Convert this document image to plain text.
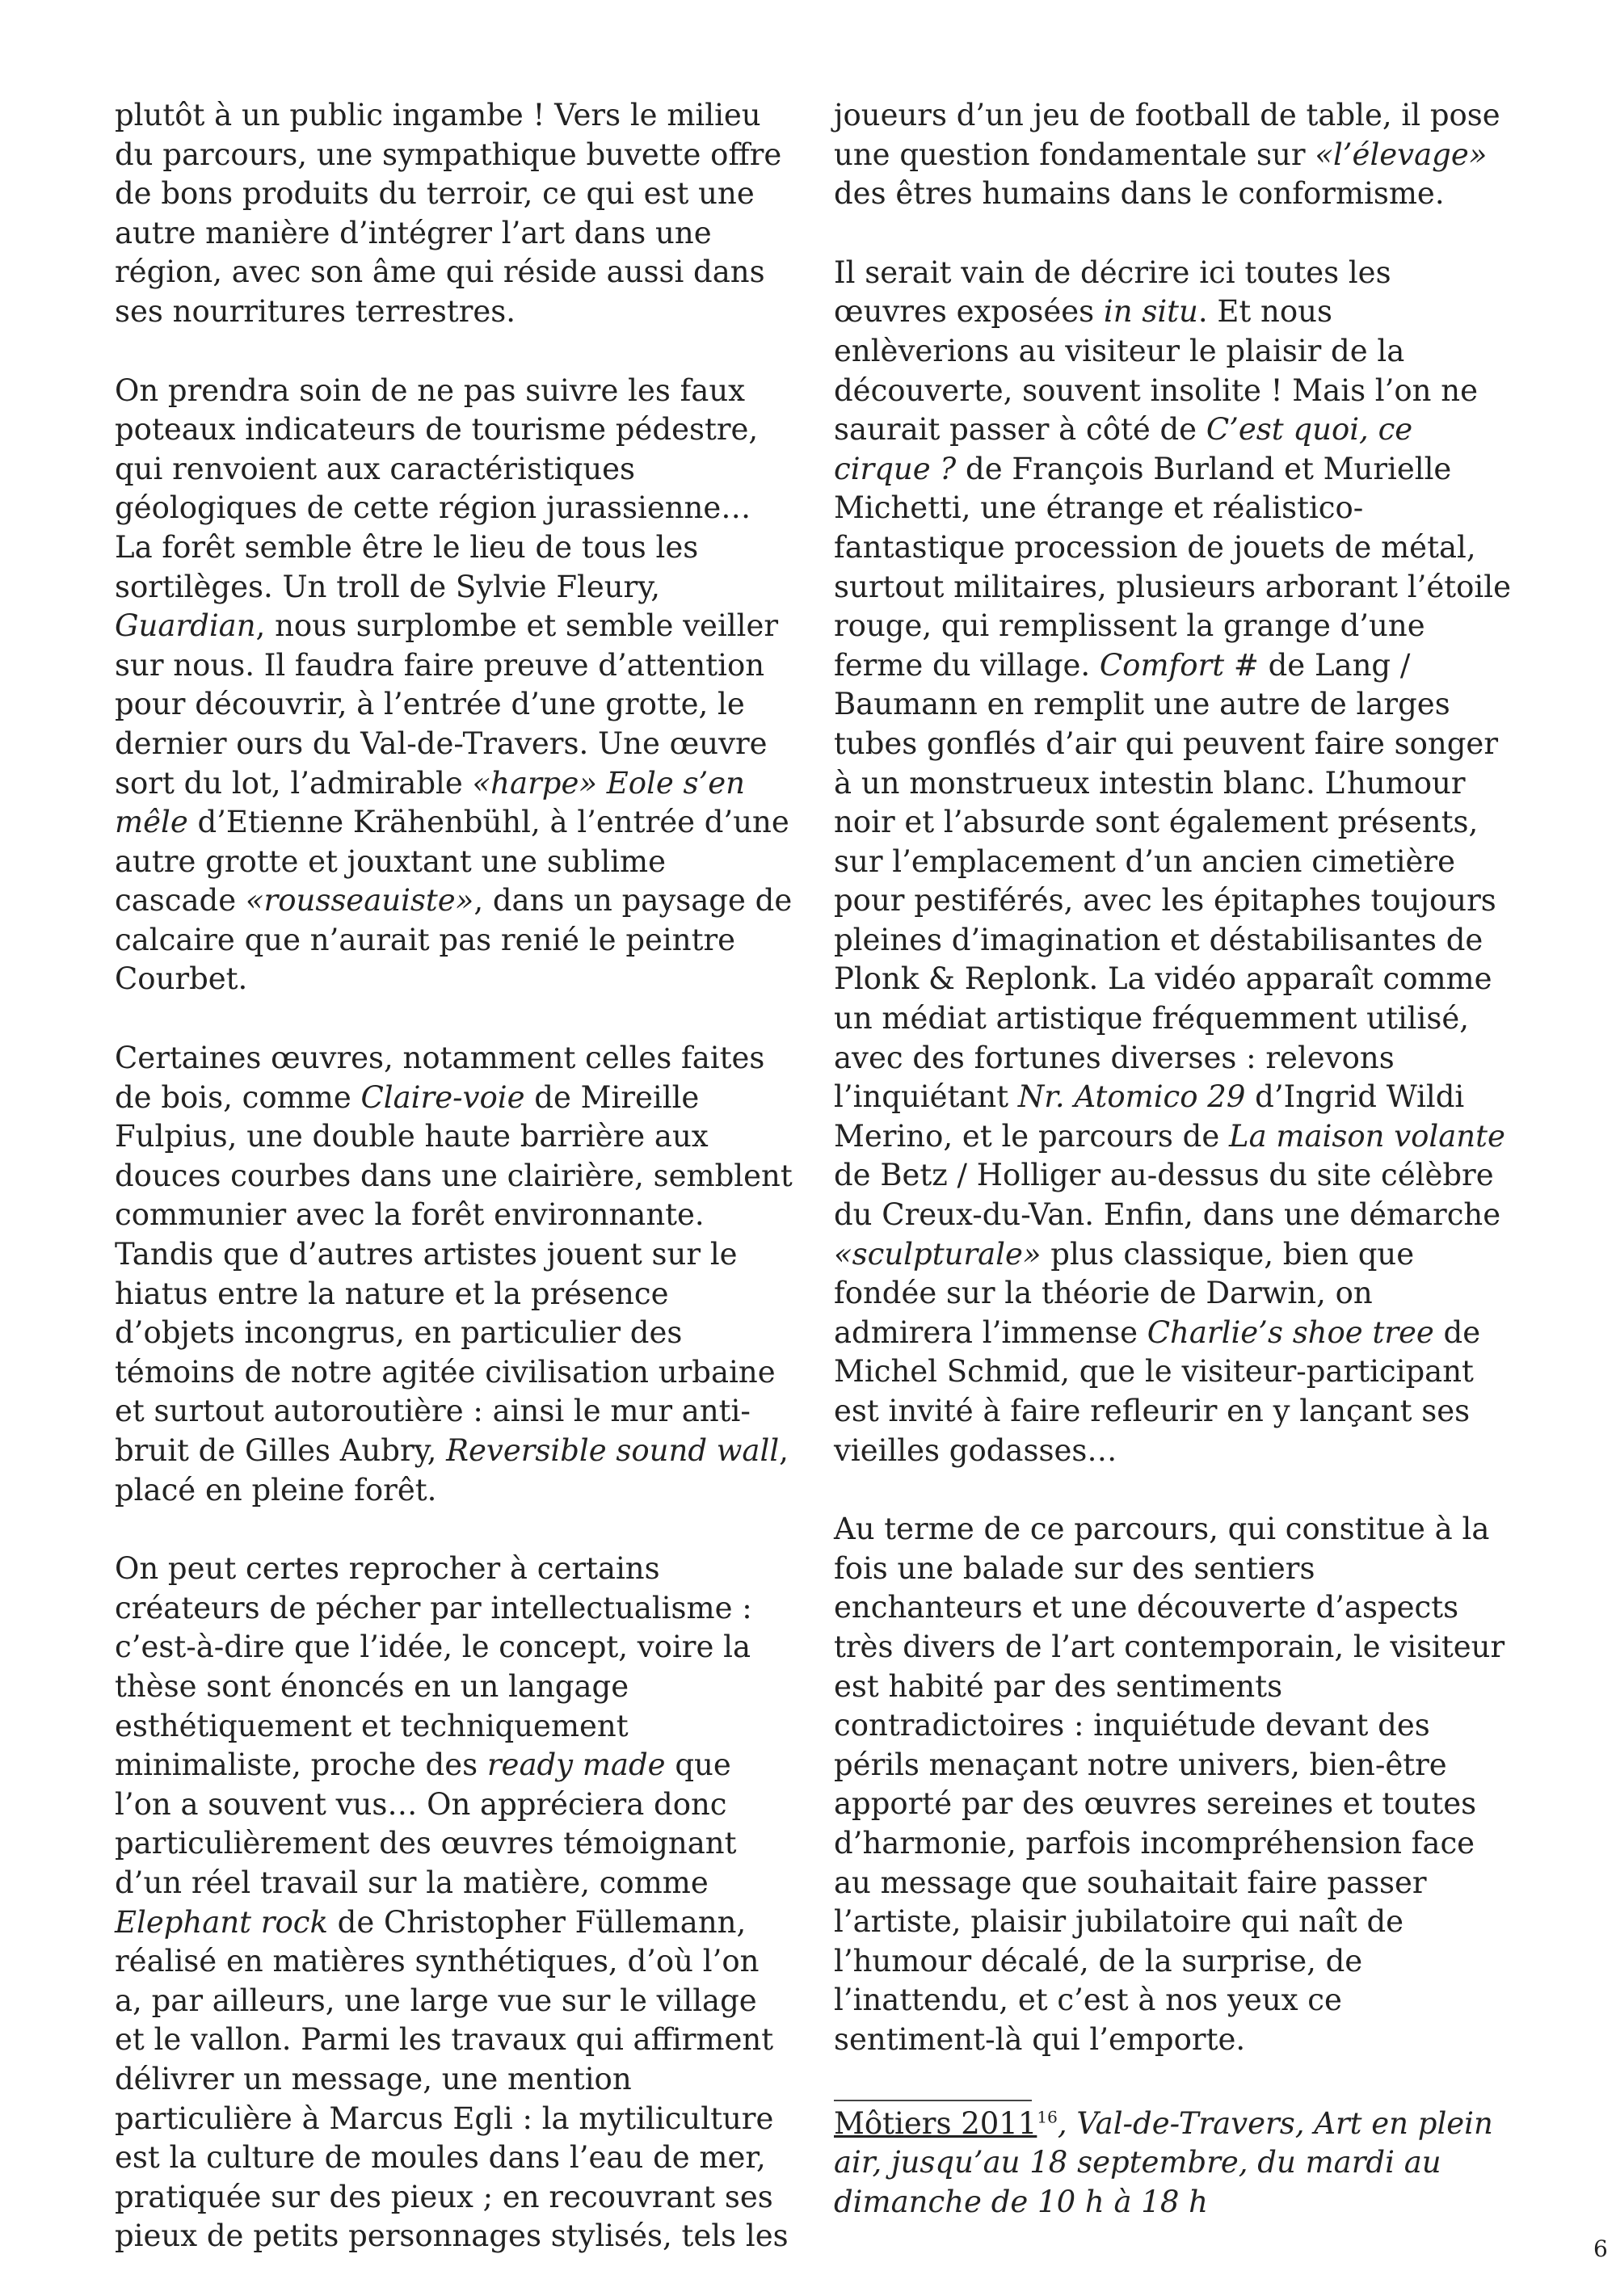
plutôt à un public ingambe ! Vers le milieu du parcours, une sympathique buvette offre de bons produits du terroir, ce qui est une autre manière d’intégrer l’art dans une région, avec son âme qui réside aussi dans ses nourritures terrestres.

On prendra soin de ne pas suivre les faux poteaux indicateurs de tourisme pédestre, qui renvoient aux caractéristiques géologiques de cette région jurassienne… La forêt semble être le lieu de tous les sortilèges. Un troll de Sylvie Fleury, Guardian, nous surplombe et semble veiller sur nous. Il faudra faire preuve d’attention pour découvrir, à l’entrée d’une grotte, le dernier ours du Val-de-Travers. Une œuvre sort du lot, l’admirable «harpe» Eole s’en mêle d’Etienne Krähenbühl, à l’entrée d’une autre grotte et jouxtant une sublime cascade «rousseauiste», dans un paysage de calcaire que n’aurait pas renié le peintre Courbet.

Certaines œuvres, notamment celles faites de bois, comme Claire-voie de Mireille Fulpius, une double haute barrière aux douces courbes dans une clairière, semblent communier avec la forêt environnante. Tandis que d’autres artistes jouent sur le hiatus entre la nature et la présence d’objets incongrus, en particulier des témoins de notre agitée civilisation urbaine et surtout autoroutière : ainsi le mur anti-bruit de Gilles Aubry, Reversible sound wall, placé en pleine forêt.

On peut certes reprocher à certains créateurs de pécher par intellectualisme : c’est-à-dire que l’idée, le concept, voire la thèse sont énoncés en un langage esthétiquement et techniquement minimaliste, proche des ready made que l’on a souvent vus… On appréciera donc particulièrement des œuvres témoignant d’un réel travail sur la matière, comme Elephant rock de Christopher Füllemann, réalisé en matières synthétiques, d’où l’on a, par ailleurs, une large vue sur le village et le vallon. Parmi les travaux qui affirment délivrer un message, une mention particulière à Marcus Egli : la mytiliculture est la culture de moules dans l’eau de mer, pratiquée sur des pieux ; en recouvrant ses pieux de petits personnages stylisés, tels les

joueurs d’un jeu de football de table, il pose une question fondamentale sur «l’élevage» des êtres humains dans le conformisme.

Il serait vain de décrire ici toutes les œuvres exposées in situ. Et nous enlèverions au visiteur le plaisir de la découverte, souvent insolite ! Mais l’on ne saurait passer à côté de C’est quoi, ce cirque ? de François Burland et Murielle Michetti, une étrange et réalistico-fantastique procession de jouets de métal, surtout militaires, plusieurs arborant l’étoile rouge, qui remplissent la grange d’une ferme du village. Comfort # de Lang / Baumann en remplit une autre de larges tubes gonflés d’air qui peuvent faire songer à un monstrueux intestin blanc. L’humour noir et l’absurde sont également présents, sur l’emplacement d’un ancien cimetière pour pestiférés, avec les épitaphes toujours pleines d’imagination et déstabilisantes de Plonk & Replonk. La vidéo apparaît comme un médiat artistique fréquemment utilisé, avec des fortunes diverses : relevons l’inquiétant Nr. Atomico 29 d’Ingrid Wildi Merino, et le parcours de La maison volante de Betz / Holliger au-dessus du site célèbre du Creux-du-Van. Enfin, dans une démarche «sculpturale» plus classique, bien que fondée sur la théorie de Darwin, on admirera l’immense Charlie’s shoe tree de Michel Schmid, que le visiteur-participant est invité à faire refleurir en y lançant ses vieilles godasses…

Au terme de ce parcours, qui constitue à la fois une balade sur des sentiers enchanteurs et une découverte d’aspects très divers de l’art contemporain, le visiteur est habité par des sentiments contradictoires : inquiétude devant des périls menaçant notre univers, bien-être apporté par des œuvres sereines et toutes d’harmonie, parfois incompréhension face au message que souhaitait faire passer l’artiste, plaisir jubilatoire qui naît de l’humour décalé, de la surprise, de l’inattendu, et c’est à nos yeux ce sentiment-là qui l’emporte.

Môtiers 2011$^{16}$, Val-de-Travers, Art en plein air, jusqu’au 18 septembre, du mardi au dimanche de 10 h à 18 h
6
